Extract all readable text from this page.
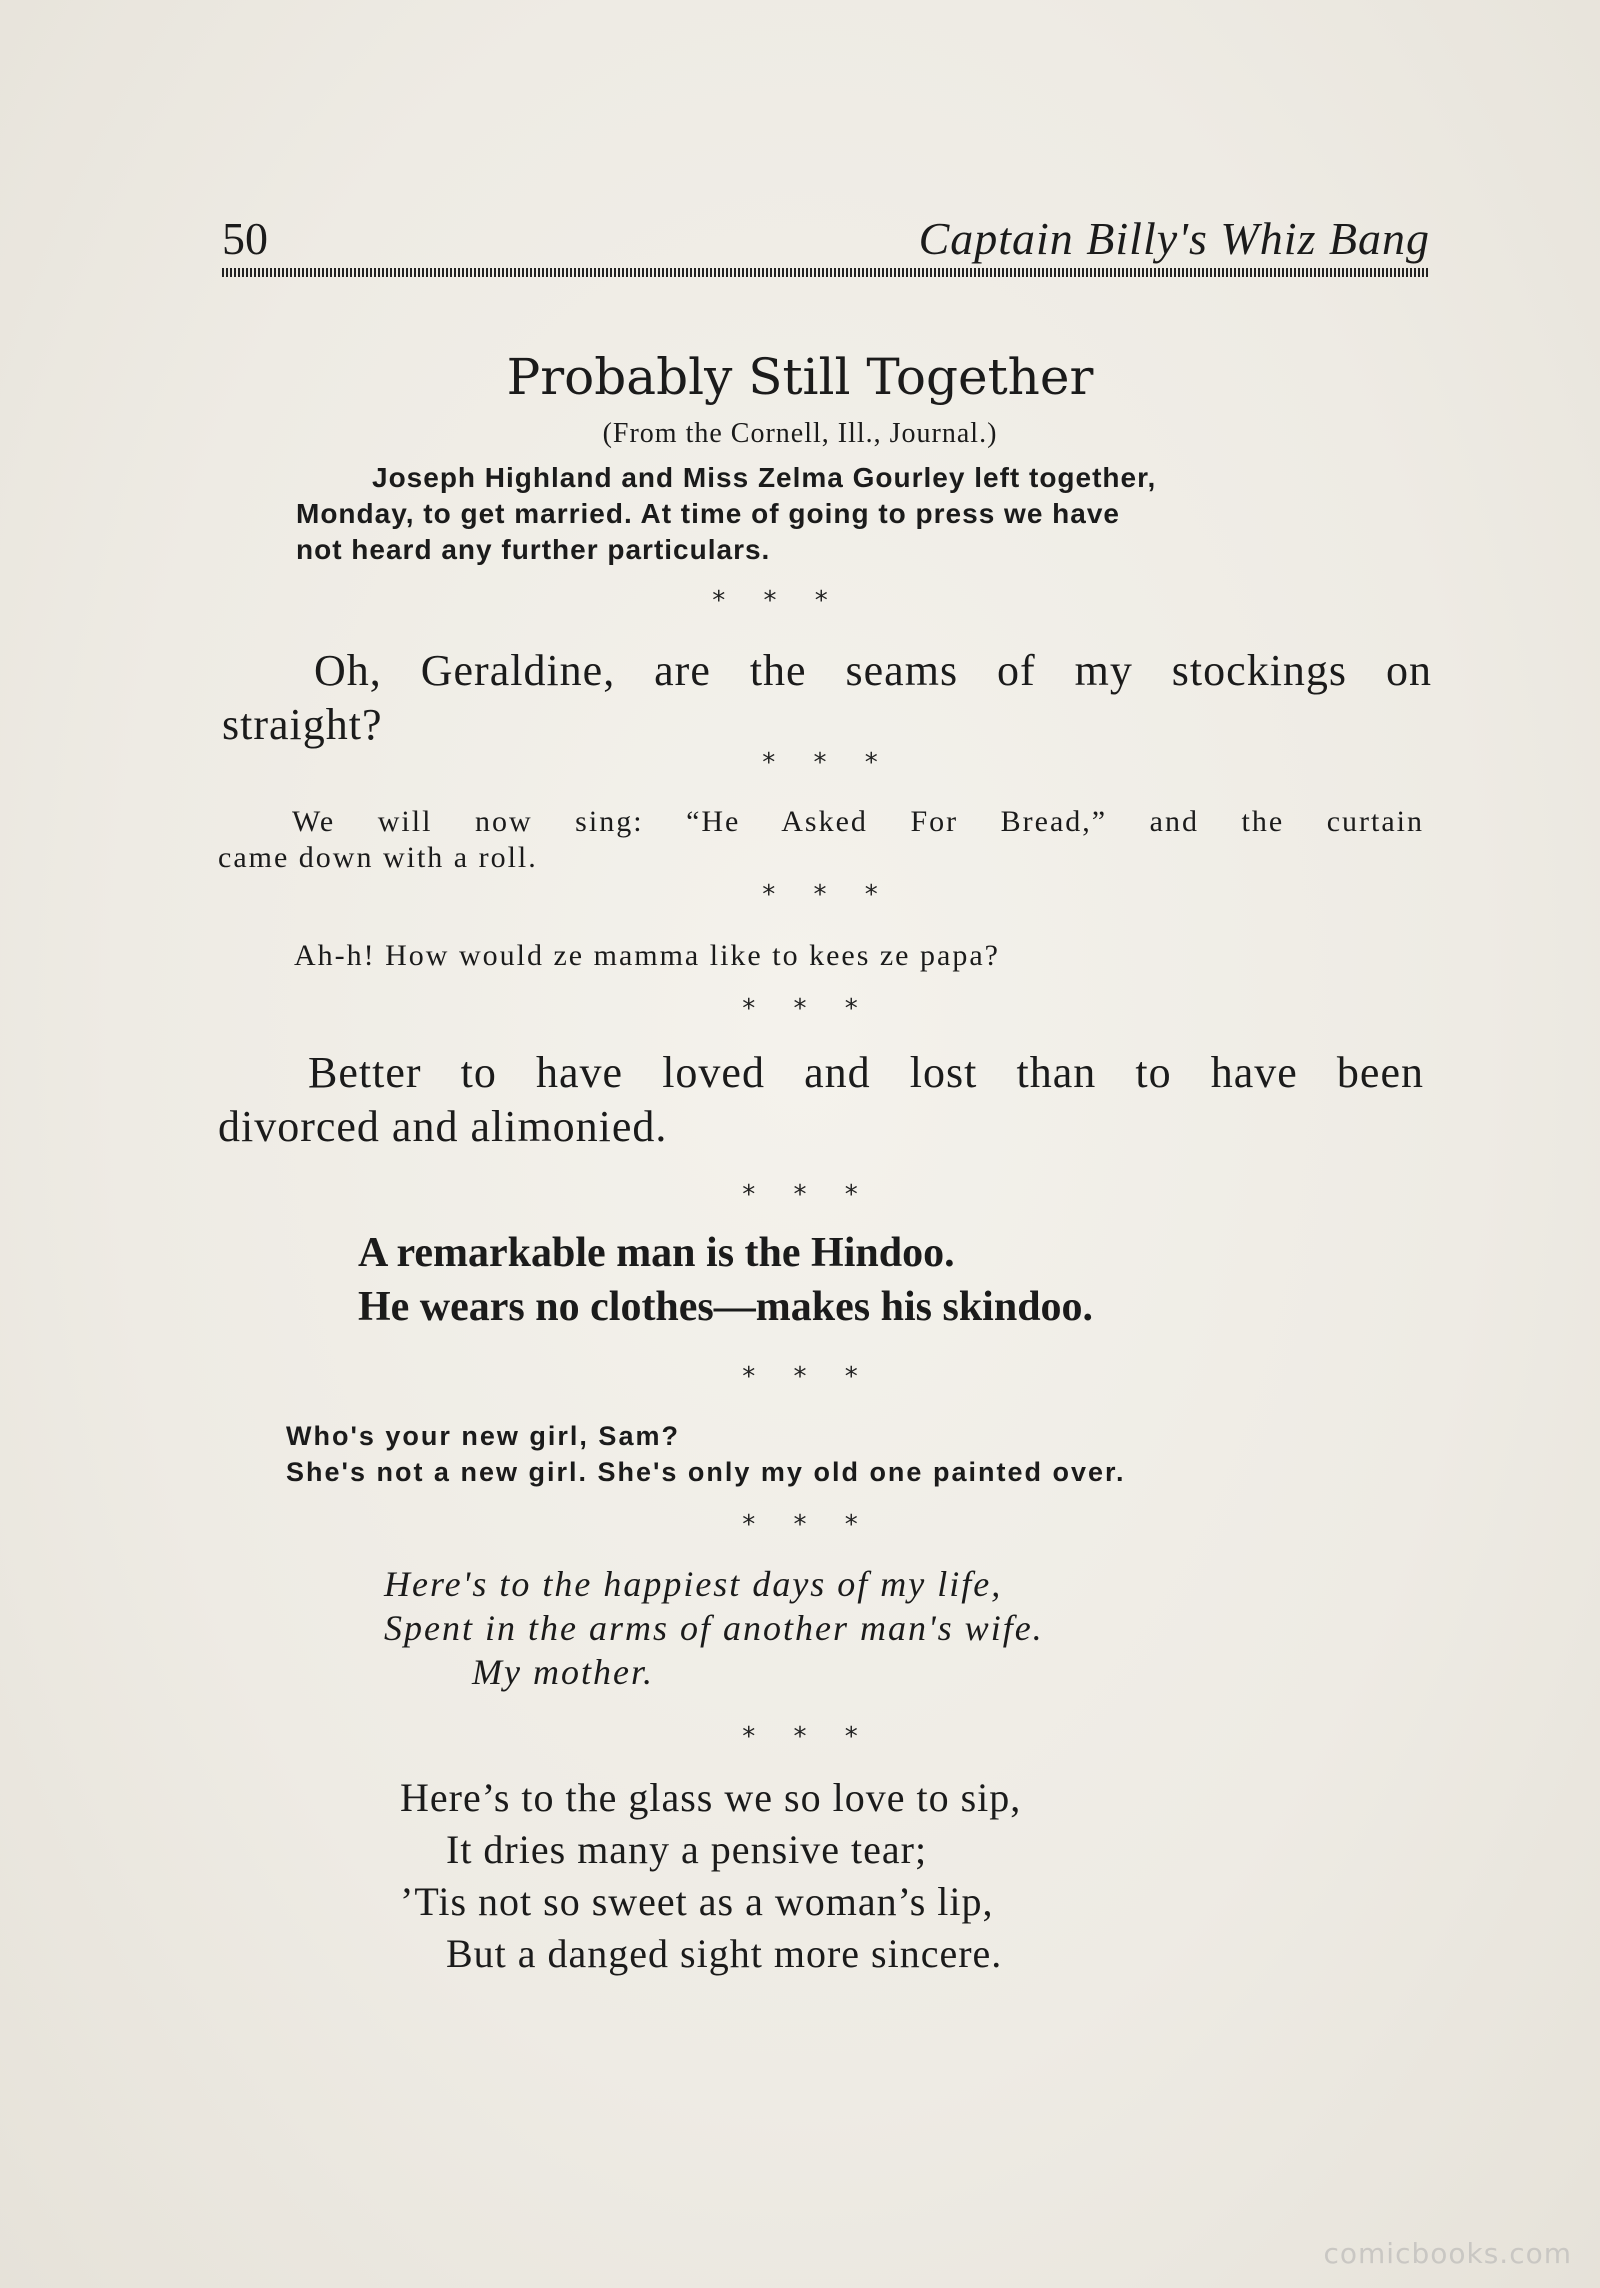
50	Captain Billy's Whiz Bang
Probably Still Together
(From the Cornell, Ill., Journal.)
Joseph Highland and Miss Zelma Gourley left together,
Monday, to get married. At time of going to press we have
not heard any further particulars.
* * *
Oh, Geraldine, are the seams of my stockings on
straight?
* * *
We will now sing: “He Asked For Bread,” and the curtain
came down with a roll.
* * *
Ah-h! How would ze mamma like to kees ze papa?
* * *
Better to have loved and lost than to have been
divorced and alimonied.
* * *
A remarkable man is the Hindoo.
He wears no clothes—makes his skindoo.
* * *
Who's your new girl, Sam?
She's not a new girl. She's only my old one painted over.
* * *
Here's to the happiest days of my life,
Spent in the arms of another man's wife.
My mother.
* * *
Here’s to the glass we so love to sip,
It dries many a pensive tear;
’Tis not so sweet as a woman’s lip,
But a danged sight more sincere.
comicbooks.com
